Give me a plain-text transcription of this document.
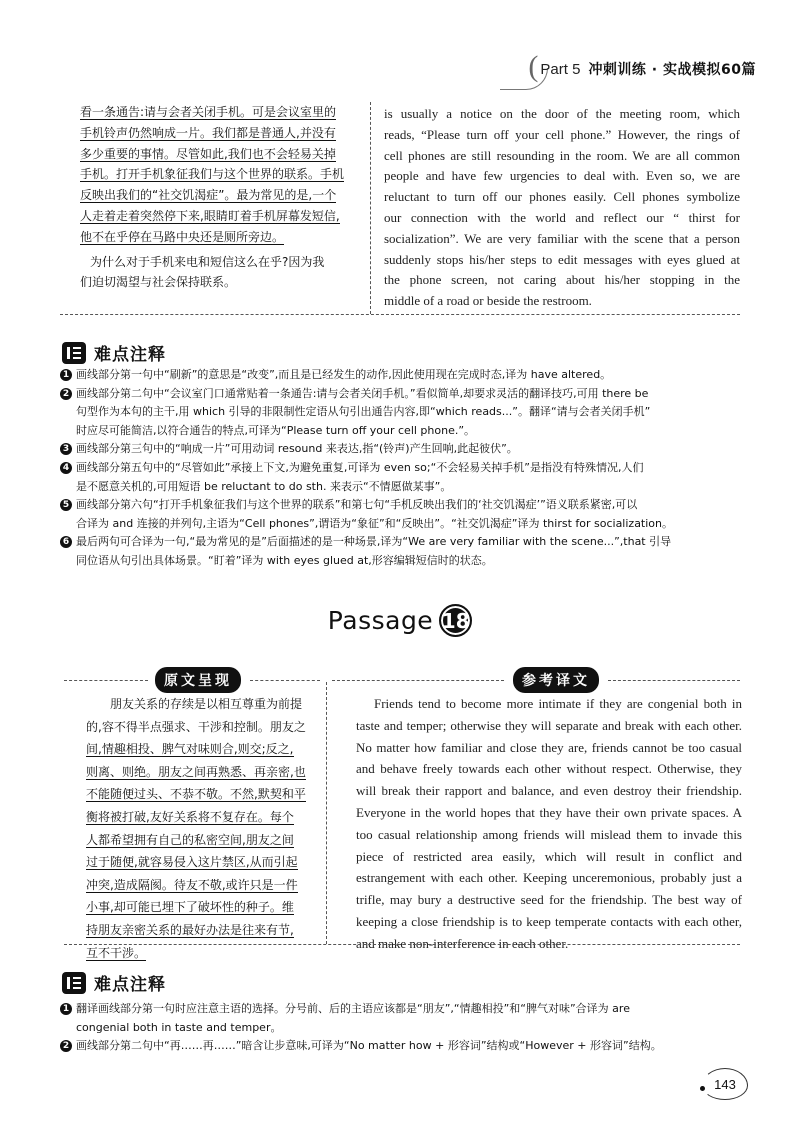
( Part 5 冲刺训练 · 实战模拟60篇
看一条通告:请与会者关闭手机。可是会议室里的
手机铃声仍然响成一片。我们都是普通人,并没有
多少重要的事情。尽管如此,我们也不会轻易关掉
手机。打开手机象征我们与这个世界的联系。手机
反映出我们的“社交饥渴症”。最为常见的是,一个
人走着走着突然停下来,眼睛盯着手机屏幕发短信,
他不在乎停在马路中央还是厕所旁边。
为什么对于手机来电和短信这么在乎?因为我
们迫切渴望与社会保持联系。
is usually a notice on the door of the meeting room, which
reads, “Please turn off your cell phone.” However, the rings of
cell phones are still resounding in the room. We are all common
people and have few urgencies to deal with. Even so, we are
reluctant to turn off our phones easily. Cell phones symbolize
our connection with the world and reflect our “ thirst for
socialization”. We are very familiar with the scene that a person
suddenly stops his/her steps to edit messages with eyes glued at
the phone screen, not caring about his/her stopping in the
middle of a road or beside the restroom.
难点注释
1 画线部分第一句中“刷新”的意思是“改变”,而且是已经发生的动作,因此使用现在完成时态,译为 have altered。
2 画线部分第二句中“会议室门口通常贴着一条通告:请与会者关闭手机。”看似简单,却要求灵活的翻译技巧,可用 there be
句型作为本句的主干,用 which 引导的非限制性定语从句引出通告内容,即“which reads...”。翻译“请与会者关闭手机”
时应尽可能简洁,以符合通告的特点,可译为“Please turn off your cell phone.”。
3 画线部分第三句中的“响成一片”可用动词 resound 来表达,指“(铃声)产生回响,此起彼伏”。
4 画线部分第五句中的“尽管如此”承接上下文,为避免重复,可译为 even so;“不会轻易关掉手机”是指没有特殊情况,人们
是不愿意关机的,可用短语 be reluctant to do sth. 来表示“不情愿做某事”。
5 画线部分第六句“打开手机象征我们与这个世界的联系”和第七句“手机反映出我们的‘社交饥渴症’”语义联系紧密,可以
合译为 and 连接的并列句,主语为“Cell phones”,谓语为“象征”和“反映出”。“社交饥渴症”译为 thirst for socialization。
6 最后两句可合译为一句,“最为常见的是”后面描述的是一种场景,译为“We are very familiar with the scene...”,that 引导
同位语从句引出具体场景。“盯着”译为 with eyes glued at,形容编辑短信时的状态。
Passage 18
原文呈现	参考译文
朋友关系的存续是以相互尊重为前提
的,容不得半点强求、干涉和控制。朋友之
间,情趣相投、脾气对味则合,则交;反之,
则离、则绝。朋友之间再熟悉、再亲密,也
不能随便过头、不恭不敬。不然,默契和平
衡将被打破,友好关系将不复存在。每个
人都希望拥有自己的私密空间,朋友之间
过于随便,就容易侵入这片禁区,从而引起
冲突,造成隔阂。待友不敬,或许只是一件
小事,却可能已埋下了破坏性的种子。维
持朋友亲密关系的最好办法是往来有节,
互不干涉。
Friends tend to become more intimate if they are congenial both in
taste and temper; otherwise they will separate and break with each other.
No matter how familiar and close they are, friends cannot be too casual
and behave freely towards each other without respect. Otherwise, they
will break their rapport and balance, and even destroy their friendship.
Everyone in the world hopes that they have their own private spaces. A
too casual relationship among friends will mislead them to invade this
piece of restricted area easily, which will result in conflict and
estrangement with each other. Keeping unceremonious, probably just a
trifle, may bury a destructive seed for the friendship. The best way of
keeping a close friendship is to keep temperate contacts with each other,
and make non-interference in each other.
难点注释
1 翻译画线部分第一句时应注意主语的选择。分号前、后的主语应该都是“朋友”,“情趣相投”和“脾气对味”合译为 are
congenial both in taste and temper。
2 画线部分第二句中“再……再……”暗含让步意味,可译为“No matter how + 形容词”结构或“However + 形容词”结构。
143
